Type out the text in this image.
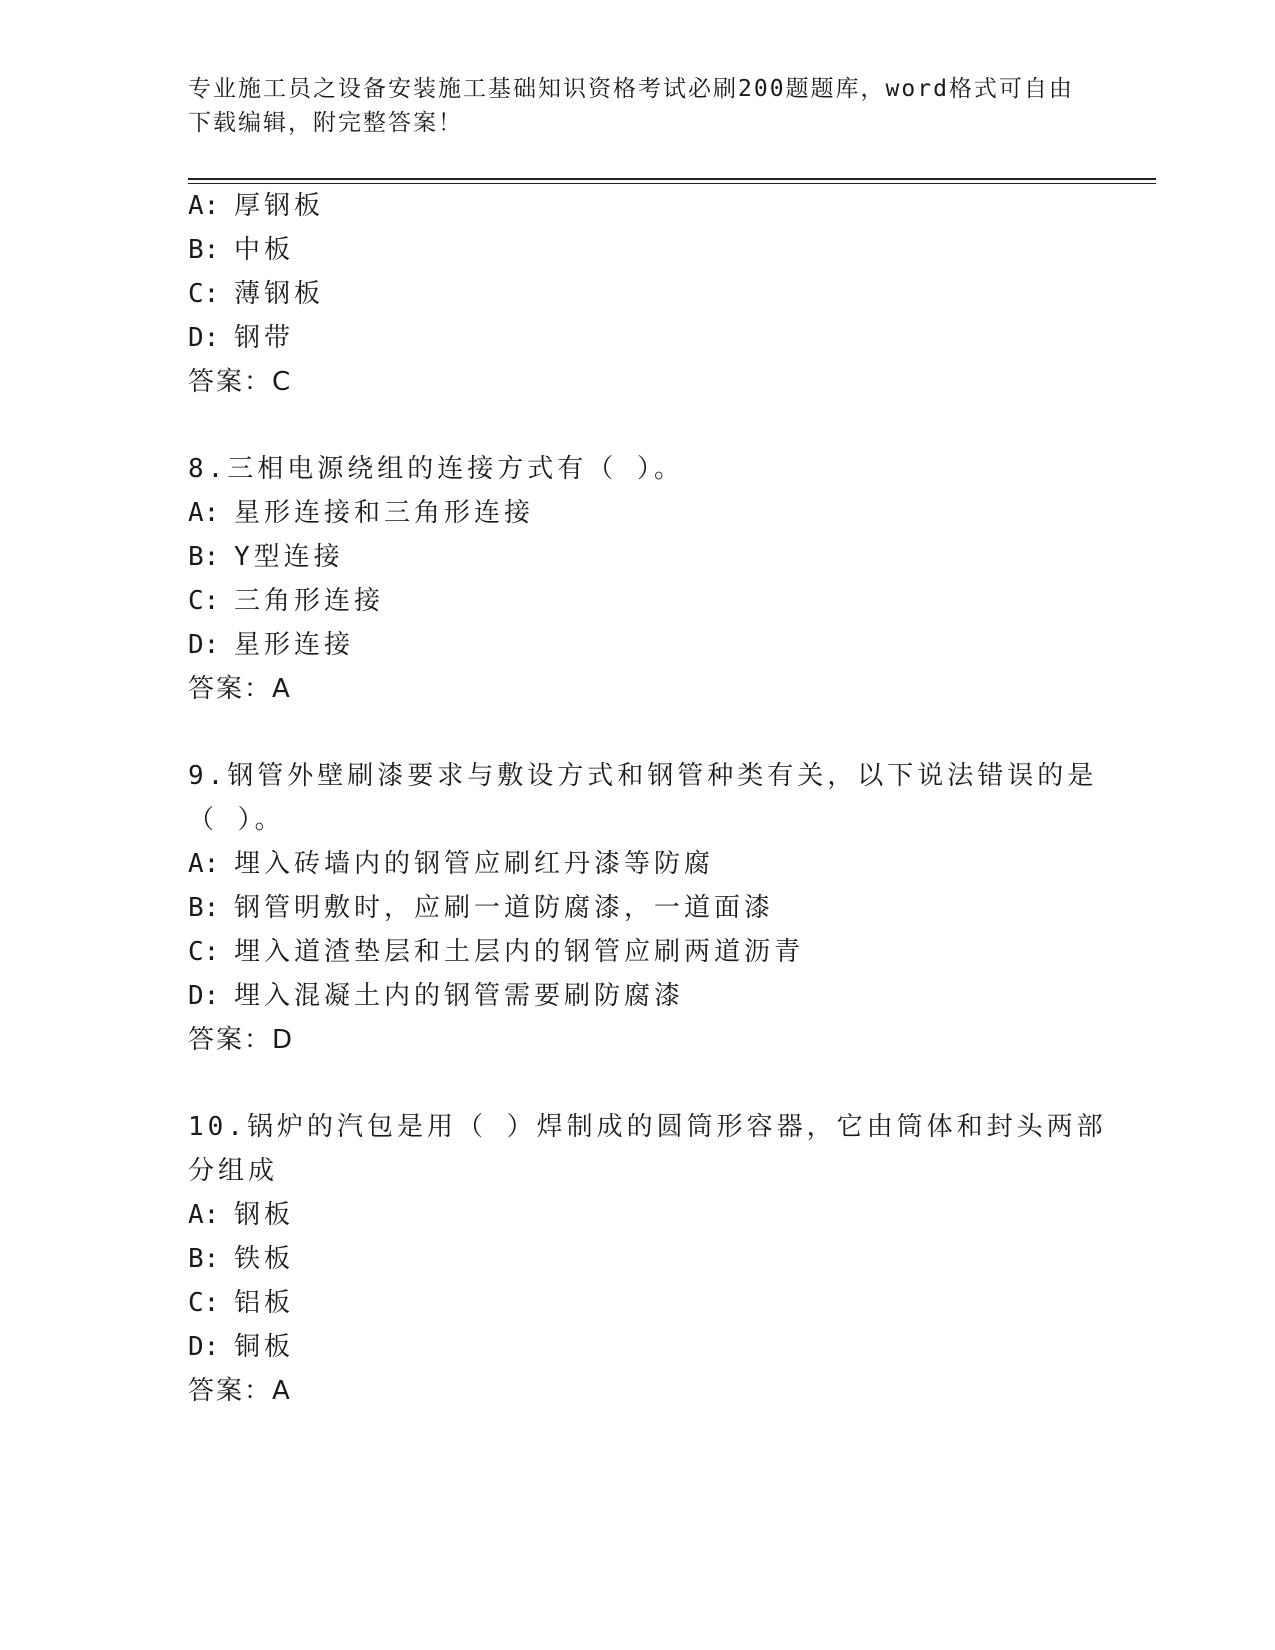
专业施工员之设备安装施工基础知识资格考试必刷200题题库，word格式可自由
下载编辑，附完整答案！
A: 厚钢板
B: 中板
C: 薄钢板
D: 钢带
答案：C
8.三相电源绕组的连接方式有（ ）。
A: 星形连接和三角形连接
B: Y型连接
C: 三角形连接
D: 星形连接
答案：A
9.钢管外壁刷漆要求与敷设方式和钢管种类有关，以下说法错误的是
（ ）。
A: 埋入砖墙内的钢管应刷红丹漆等防腐
B: 钢管明敷时，应刷一道防腐漆，一道面漆
C: 埋入道渣垫层和土层内的钢管应刷两道沥青
D: 埋入混凝土内的钢管需要刷防腐漆
答案：D
10.锅炉的汽包是用（ ）焊制成的圆筒形容器，它由筒体和封头两部
分组成
A: 钢板
B: 铁板
C: 铝板
D: 铜板
答案：A
